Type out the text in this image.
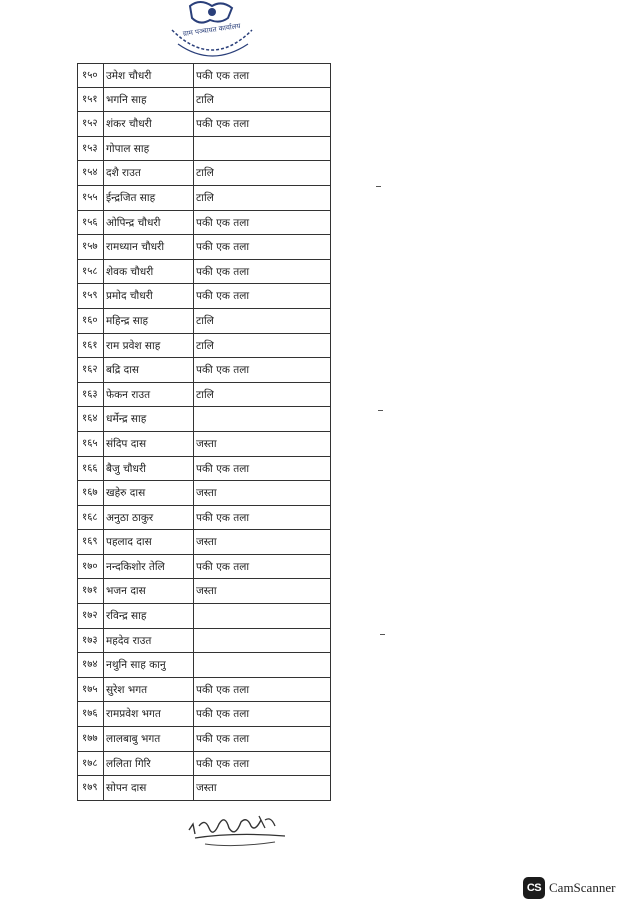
ग्राम पञ्चायत कार्यालय
१५० उमेश चौधरी	पकी एक तला
१५१ भगनि साह	टालि
१५२ शंकर चौधरी	पकी एक तला
१५३ गोपाल साह
१५४ दशै राउत	टालि
१५५ ईन्द्रजित साह	टालि
१५६ ओपिन्द्र चौधरी	पकी एक तला
१५७ रामध्यान चौधरी	पकी एक तला
१५८ शेवक चौधरी	पकी एक तला
१५९ प्रमोद चौधरी	पकी एक तला
१६० महिन्द्र साह	टालि
१६१ राम प्रवेश साह	टालि
१६२ बद्रि दास	पकी एक तला
१६३ फेकन राउत	टालि
१६४ धर्मेन्द्र साह
१६५ संदिप दास	जस्ता
१६६ बैजु चौधरी	पकी एक तला
१६७ खहेरु दास	जस्ता
१६८ अनुठा ठाकुर	पकी एक तला
१६९ पहलाद दास	जस्ता
१७० नन्दकिशोर तेलि	पकी एक तला
१७१ भजन दास	जस्ता
१७२ रविन्द्र साह
१७३ महदेव राउत
१७४ नथुनि साह कानु
१७५ सुरेश भगत	पकी एक तला
१७६ रामप्रवेश भगत	पकी एक तला
१७७ लालबाबु भगत	पकी एक तला
१७८ ललिता गिरि	पकी एक तला
१७९ सोपन दास	जस्ता
CS CamScanner
